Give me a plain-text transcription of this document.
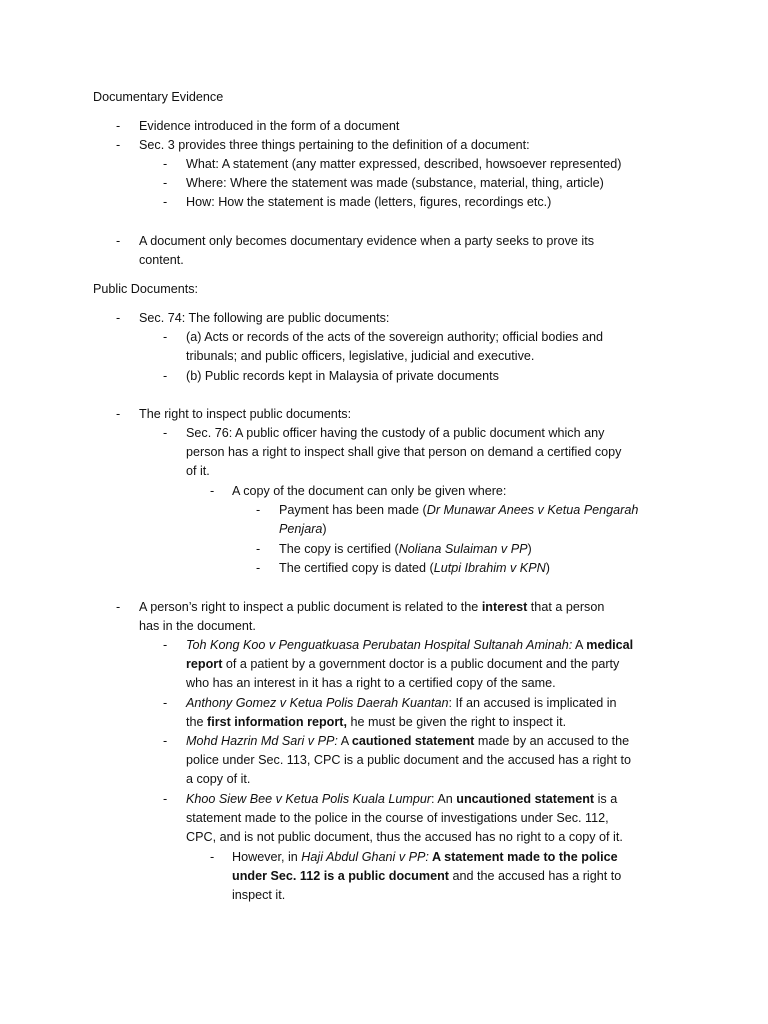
Documentary Evidence
- Evidence introduced in the form of a document
- Sec. 3 provides three things pertaining to the definition of a document:
- What: A statement (any matter expressed, described, howsoever represented)
- Where: Where the statement was made (substance, material, thing, article)
- How: How the statement is made (letters, figures, recordings etc.)
- A document only becomes documentary evidence when a party seeks to prove its
content.
Public Documents:
- Sec. 74: The following are public documents:
- (a) Acts or records of the acts of the sovereign authority; official bodies and
tribunals; and public officers, legislative, judicial and executive.
- (b) Public records kept in Malaysia of private documents
- The right to inspect public documents:
- Sec. 76: A public officer having the custody of a public document which any
person has a right to inspect shall give that person on demand a certified copy
of it.
- A copy of the document can only be given where:
- Payment has been made (Dr Munawar Anees v Ketua Pengarah
Penjara)
- The copy is certified (Noliana Sulaiman v PP)
- The certified copy is dated (Lutpi Ibrahim v KPN)
- A person’s right to inspect a public document is related to the interest that a person
has in the document.
- Toh Kong Koo v Penguatkuasa Perubatan Hospital Sultanah Aminah: A medical
report of a patient by a government doctor is a public document and the party
who has an interest in it has a right to a certified copy of the same.
- Anthony Gomez v Ketua Polis Daerah Kuantan: If an accused is implicated in
the first information report, he must be given the right to inspect it.
- Mohd Hazrin Md Sari v PP: A cautioned statement made by an accused to the
police under Sec. 113, CPC is a public document and the accused has a right to
a copy of it.
- Khoo Siew Bee v Ketua Polis Kuala Lumpur: An uncautioned statement is a
statement made to the police in the course of investigations under Sec. 112,
CPC, and is not public document, thus the accused has no right to a copy of it.
- However, in Haji Abdul Ghani v PP: A statement made to the police
under Sec. 112 is a public document and the accused has a right to
inspect it.
